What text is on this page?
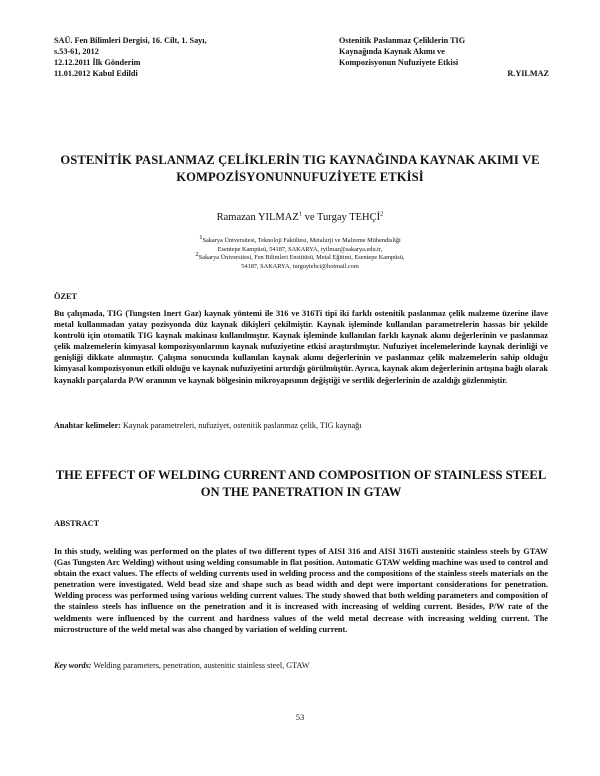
SAÜ. Fen Bilimleri Dergisi, 16. Cilt, 1. Sayı,
s.53-61, 2012
12.12.2011 İlk Gönderim
11.01.2012 Kabul Edildi
Ostenitik Paslanmaz Çeliklerin TIG
Kaynağında Kaynak Akımı ve
Kompozisyonun Nufuziyete Etkisi
R.YILMAZ
OSTENİTİK PASLANMAZ ÇELİKLERİN TIG KAYNAĞINDA KAYNAK AKIMI VE KOMPOZİSYONUNNUFUZİYETE ETKİSİ
Ramazan YILMAZ$^1$ ve Turgay TEHÇİ$^2$
$^1$Sakarya Üniversitesi, Teknoloji Fakültesi, Metalurji ve Malzeme Mühendisliği
Esentepe Kampüsü, 54187, SAKARYA, ryilmaz@sakarya.edu.tr,
$^2$Sakarya Üniversitesi, Fen Bilimleri Enstitüsü, Metal Eğitimi, Esentepe Kampüsü,
54187, SAKARYA, turguytehci@hotmail.com
ÖZET
Bu çalışmada, TIG (Tungsten Inert Gaz) kaynak yöntemi ile 316 ve 316Ti tipi iki farklı ostenitik paslanmaz çelik malzeme üzerine ilave metal kullanmadan yatay pozisyonda düz kaynak dikişleri çekilmiştir. Kaynak işleminde kullanılan parametrelerin hassas bir şekilde kontrolü için otomatik TIG kaynak makinası kullanılmıştır. Kaynak işleminde kullanılan farklı kaynak akımı değerlerinin ve paslanmaz çelik malzemelerin kimyasal kompozisyonlarının kaynak nufuziyetine etkisi araştırılmıştır. Nufuziyet incelemelerinde kaynak derinliği ve genişliği dikkate alınmıştır. Çalışma sonucunda kullanılan kaynak akımı değerlerinin ve paslanmaz çelik malzemelerin sahip olduğu kimyasal kompozisyonun etkili olduğu ve kaynak nufuziyetini artırdığı görülmüştür. Ayrıca, kaynak akım değerlerinin artışına bağlı olarak kaynaklı parçalarda P/W oranının ve kaynak bölgesinin mikroyapısının değiştiği ve sertlik değerlerinin de azaldığı gözlenmiştir.
Anahtar kelimeler: Kaynak parametreleri, nufuziyet, ostenitik paslanmaz çelik, TIG kaynağı
THE EFFECT OF WELDING CURRENT AND COMPOSITION OF STAINLESS STEEL ON THE PANETRATION IN GTAW
ABSTRACT
In this study, welding was performed on the plates of two different types of AISI 316 and AISI 316Ti austenitic stainless steels by GTAW (Gas Tungsten Arc Welding) without using welding consumable in flat position. Automatic GTAW welding machine was used to control and obtain the exact values. The effects of welding currents used in welding process and the compositions of the stainless steels materials on the penetration were investigated. Weld bead size and shape such as bead width and dept were important considerations for penetration. Welding process was performed using various welding current values. The study showed that both welding parameters and composition of the stainless steels has influence on the penetration and it is increased with increasing of welding current. Besides, P/W rate of the weldments were influenced by the current and hardness values of the weld metal decrease with increasing welding current. The microstructure of the weld metal was also changed by variation of welding current.
Key words: Welding parameters, penetration, austenitic stainless steel, GTAW
53
